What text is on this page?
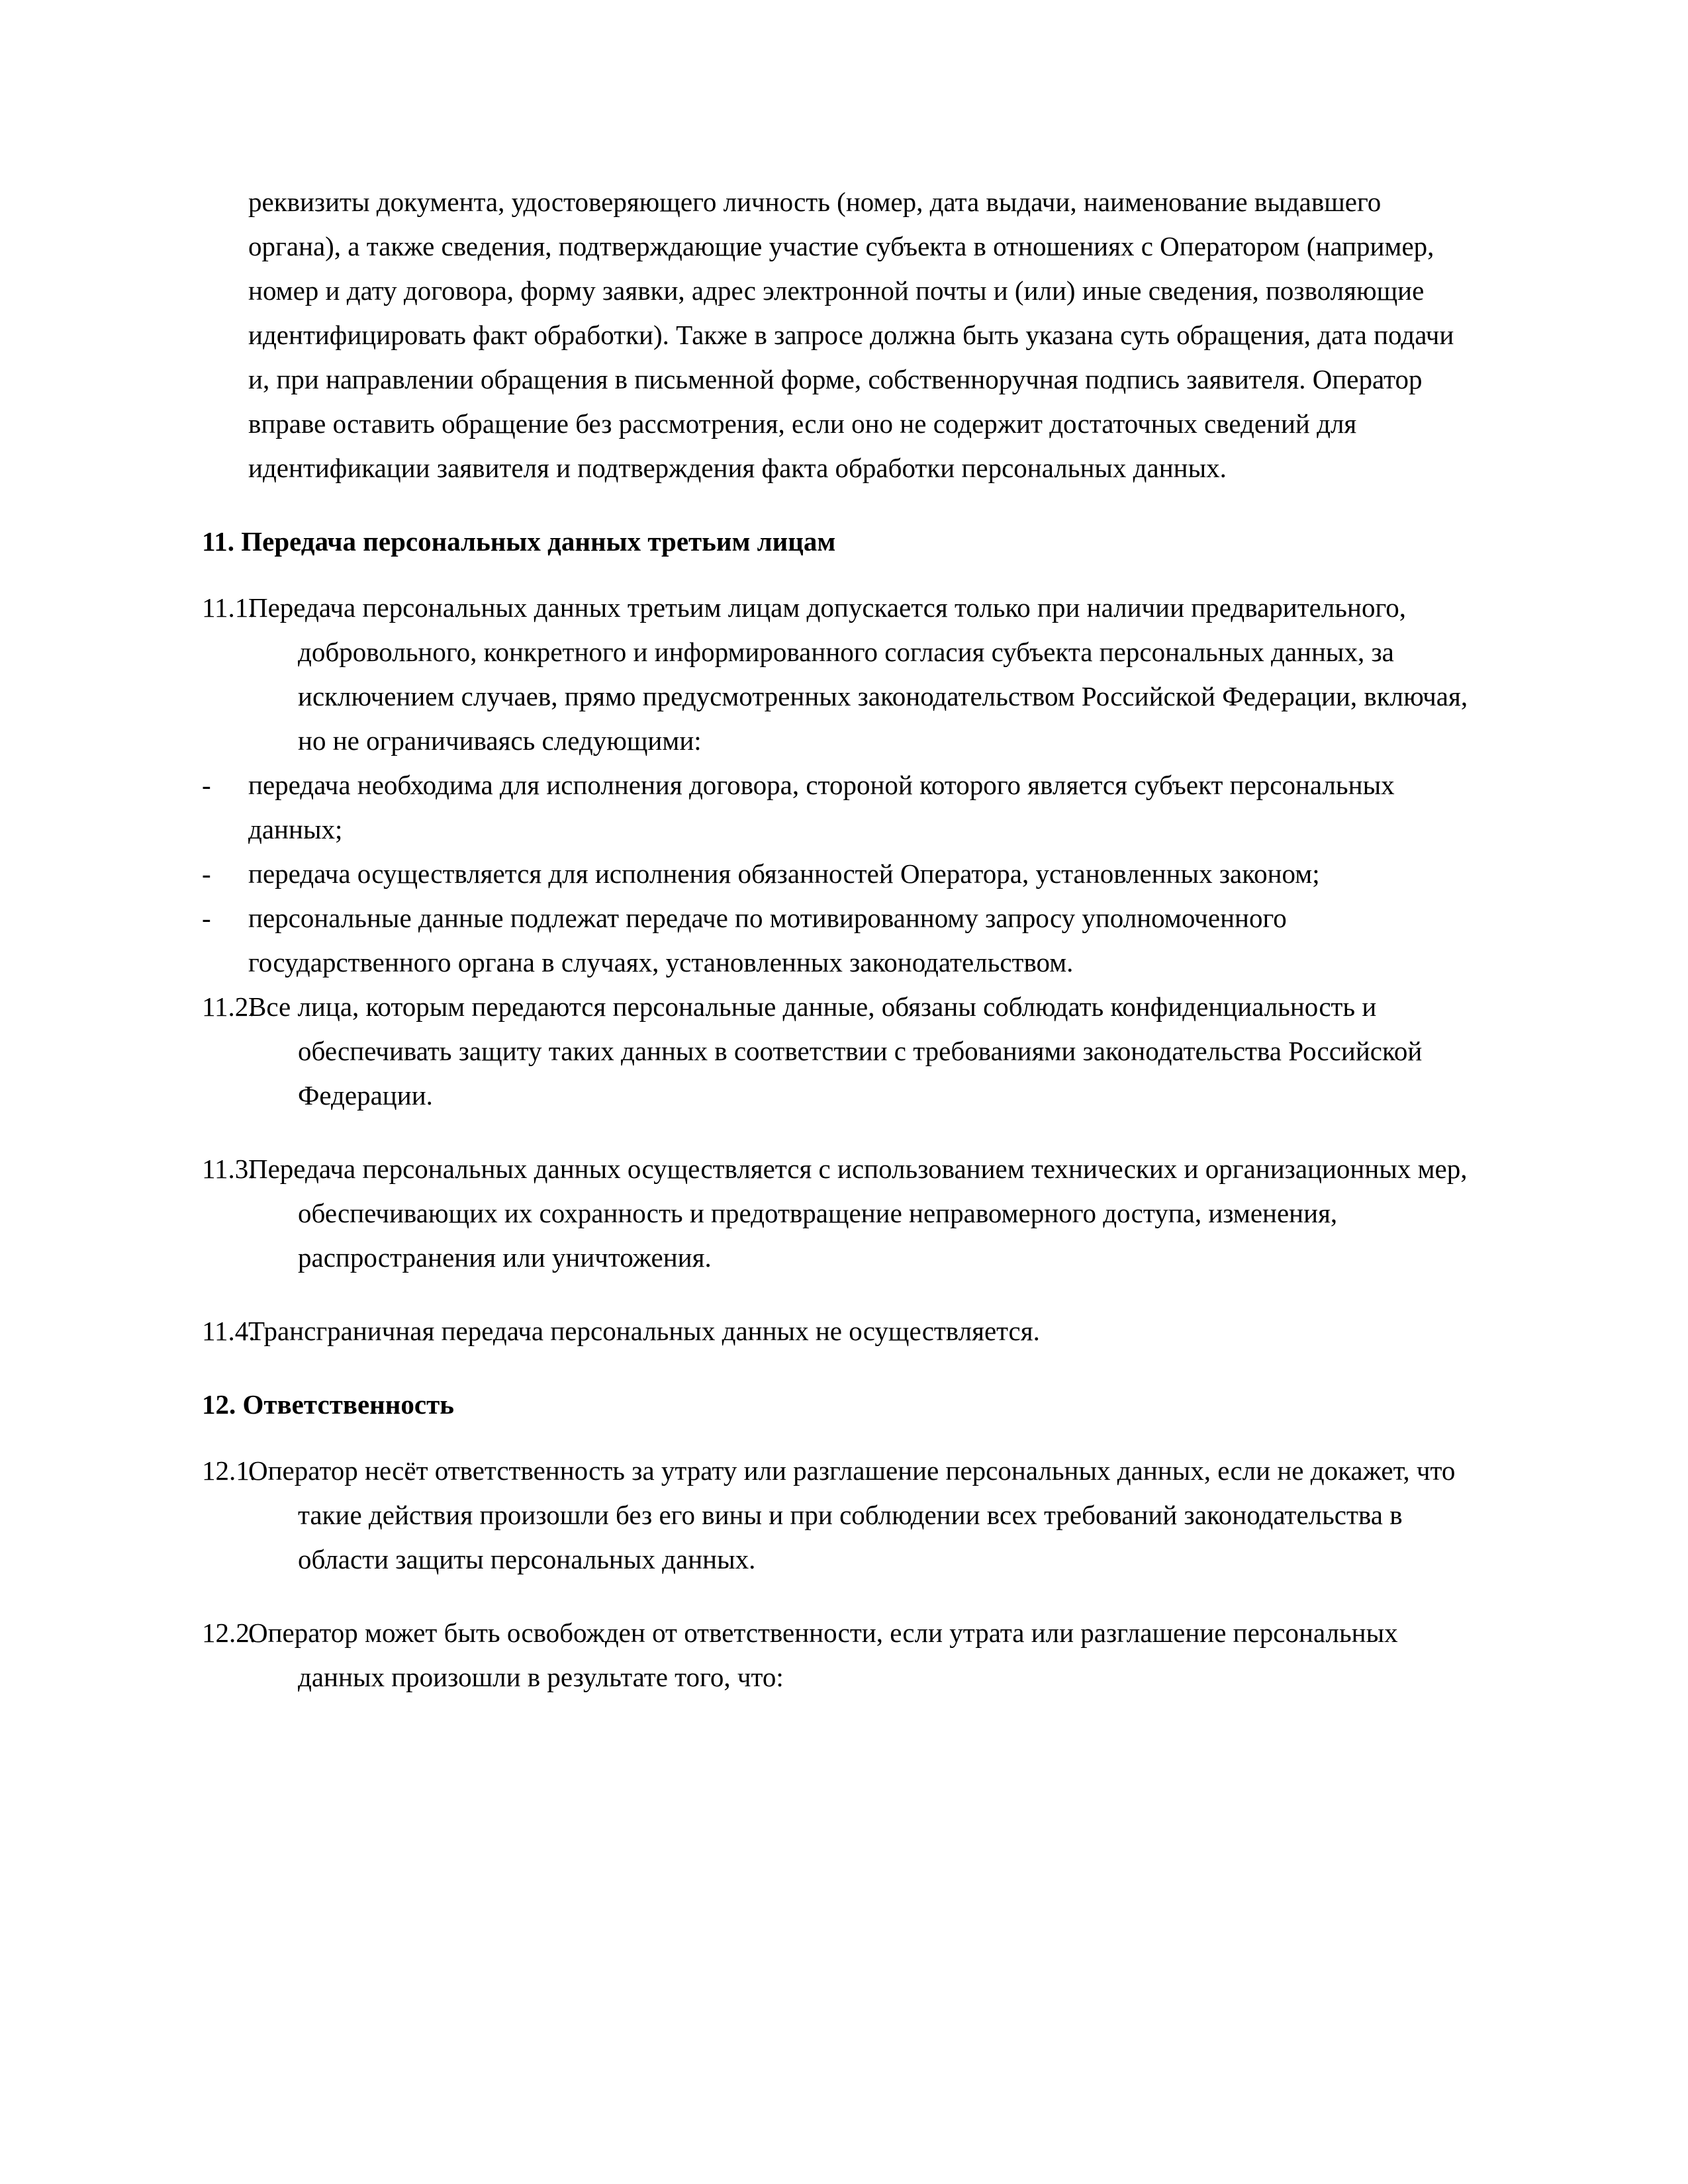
реквизиты документа, удостоверяющего личность (номер, дата выдачи, наименование выдавшего органа), а также сведения, подтверждающие участие субъекта в отношениях с Оператором (например, номер и дату договора, форму заявки, адрес электронной почты и (или) иные сведения, позволяющие идентифицировать факт обработки). Также в запросе должна быть указана суть обращения, дата подачи и, при направлении обращения в письменной форме, собственноручная подпись заявителя. Оператор вправе оставить обращение без рассмотрения, если оно не содержит достаточных сведений для идентификации заявителя и подтверждения факта обработки персональных данных.

11. Передача персональных данных третьим лицам
11.1.
Передача персональных данных третьим лицам допускается только при наличии предварительного, добровольного, конкретного и информированного согласия субъекта персональных данных, за исключением случаев, прямо предусмотренных законодательством Российской Федерации, включая, но не ограничиваясь следующими:
-	передача необходима для исполнения договора, стороной которого является субъект персональных данных;
-	передача осуществляется для исполнения обязанностей Оператора, установленных законом;
-	персональные данные подлежат передаче по мотивированному запросу уполномоченного государственного органа в случаях, установленных законодательством.
11.2.
Все лица, которым передаются персональные данные, обязаны соблюдать конфиденциальность и обеспечивать защиту таких данных в соответствии с требованиями законодательства Российской Федерации.
11.3.
Передача персональных данных осуществляется с использованием технических и организационных мер, обеспечивающих их сохранность и предотвращение неправомерного доступа, изменения, распространения или уничтожения.
11.4.
Трансграничная передача персональных данных не осуществляется.
12. Ответственность
12.1.
Оператор несёт ответственность за утрату или разглашение персональных данных, если не докажет, что такие действия произошли без его вины и при соблюдении всех требований законодательства в области защиты персональных данных.
12.2.
Оператор может быть освобожден от ответственности, если утрата или разглашение персональных данных произошли в результате того, что:
